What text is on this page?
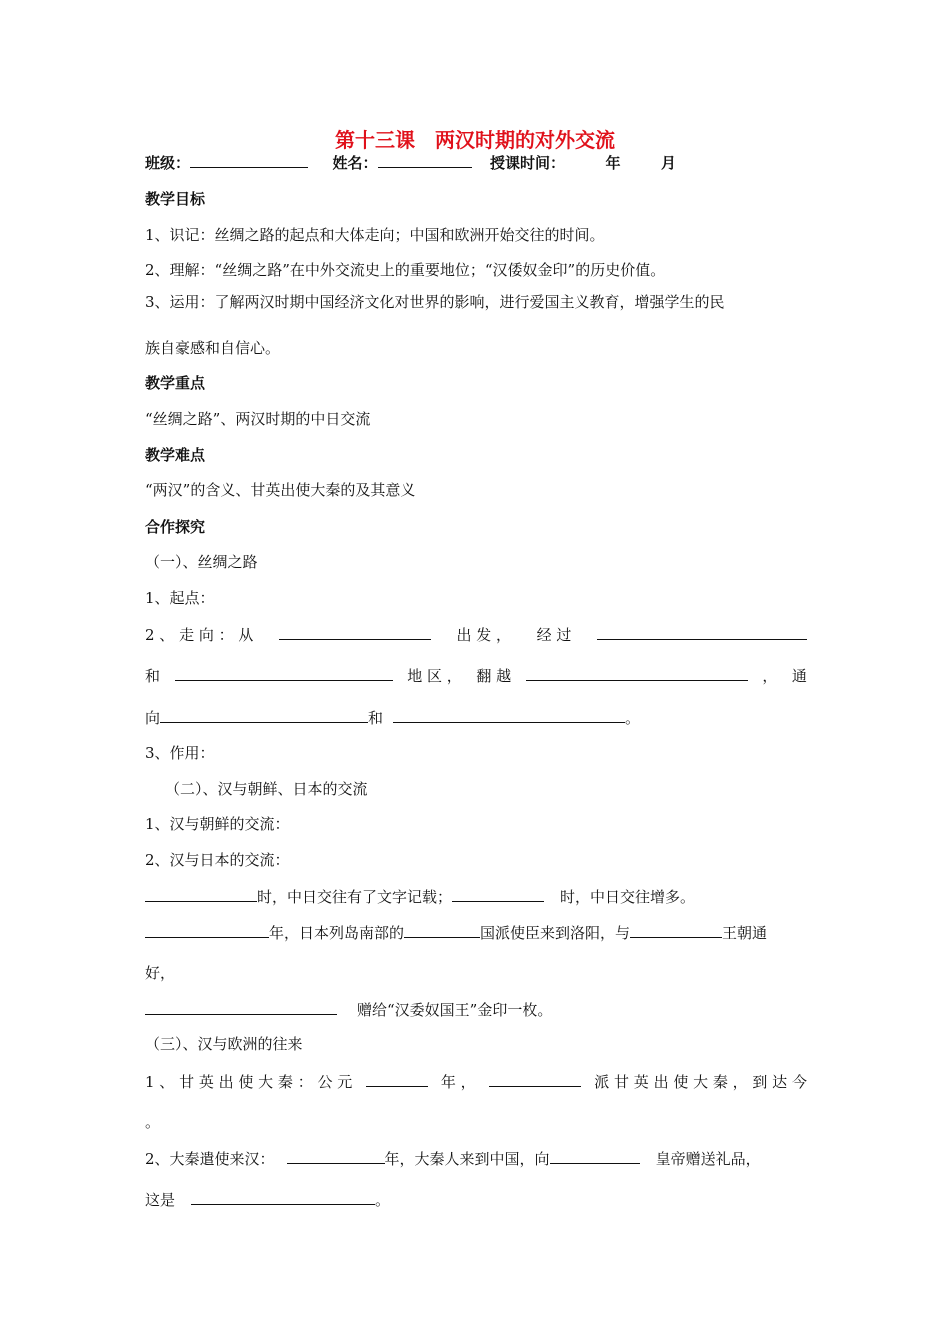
第十三课　两汉时期的对外交流
班级：	姓名：	授课时间：	年	月
教学目标
1、识记：丝绸之路的起点和大体走向；中国和欧洲开始交往的时间。
2、理解：“丝绸之路”在中外交流史上的重要地位；“汉倭奴金印”的历史价值。
3、运用：了解两汉时期中国经济文化对世界的影响，进行爱国主义教育，增强学生的民
族自豪感和自信心。
教学重点
“丝绸之路”、两汉时期的中日交流
教学难点
“两汉”的含义、甘英出使大秦的及其意义
合作探究
（一）、丝绸之路
1、起点：
2 、 走 向 ： 从	出 发 ， 经 过
和	地 区 ， 翻 越	， 通
向	和	。
3、作用：
（二）、汉与朝鲜、日本的交流
1、汉与朝鲜的交流：
2、汉与日本的交流：
时，中日交往有了文字记载；	时，中日交往增多。
年，日本列岛南部的	国派使臣来到洛阳，与	王朝通
好，
赠给“汉委奴国王”金印一枚。
（三）、汉与欧洲的往来
1 、 甘 英 出 使 大 秦 ： 公 元	年 ，	派 甘 英 出 使 大 秦 ， 到 达 今
。
2、大秦遣使来汉：	年，大秦人来到中国，向	皇帝赠送礼品，
这是	。
